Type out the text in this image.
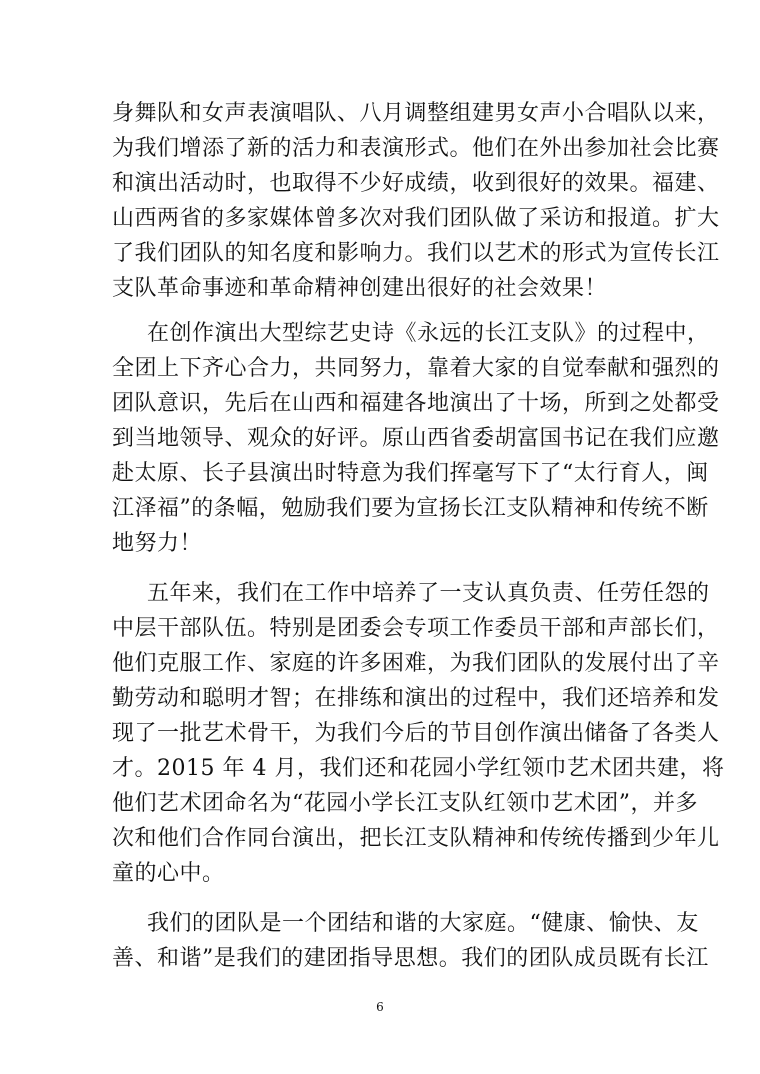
身舞队和女声表演唱队、八月调整组建男女声小合唱队以来，
为我们增添了新的活力和表演形式。他们在外出参加社会比赛
和演出活动时，也取得不少好成绩，收到很好的效果。福建、
山西两省的多家媒体曾多次对我们团队做了采访和报道。扩大
了我们团队的知名度和影响力。我们以艺术的形式为宣传长江
支队革命事迹和革命精神创建出很好的社会效果！
在创作演出大型综艺史诗《永远的长江支队》的过程中，
全团上下齐心合力，共同努力，靠着大家的自觉奉献和强烈的
团队意识，先后在山西和福建各地演出了十场，所到之处都受
到当地领导、观众的好评。原山西省委胡富国书记在我们应邀
赴太原、长子县演出时特意为我们挥毫写下了“太行育人，闽
江泽福”的条幅，勉励我们要为宣扬长江支队精神和传统不断
地努力！
五年来，我们在工作中培养了一支认真负责、任劳任怨的
中层干部队伍。特别是团委会专项工作委员干部和声部长们，
他们克服工作、家庭的许多困难，为我们团队的发展付出了辛
勤劳动和聪明才智；在排练和演出的过程中，我们还培养和发
现了一批艺术骨干，为我们今后的节目创作演出储备了各类人
才。2015 年 4 月，我们还和花园小学红领巾艺术团共建，将
他们艺术团命名为“花园小学长江支队红领巾艺术团”，并多
次和他们合作同台演出，把长江支队精神和传统传播到少年儿
童的心中。
我们的团队是一个团结和谐的大家庭。“健康、愉快、友
善、和谐”是我们的建团指导思想。我们的团队成员既有长江
6
